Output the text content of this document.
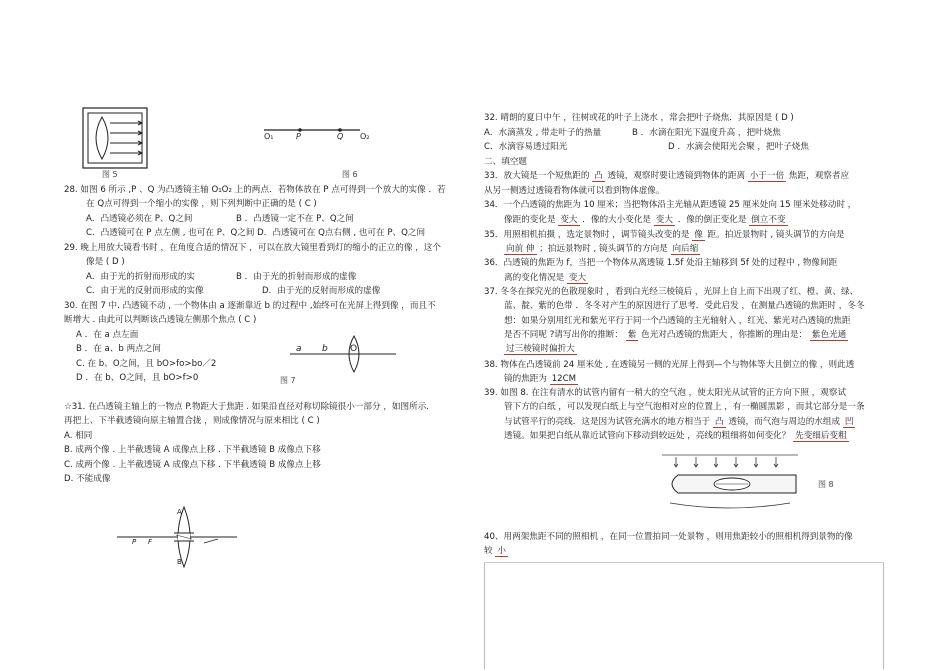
图 5
O₁	P	Q O₂
图 6
28. 如图 6 所示 ,P 、Q 为凸透镜主轴 O₁O₂ 上的两点．若物体放在 P 点可得到一个放大的实像 ．若
在 Q点可得到一个缩小的实像 ，则下列判断中正确的是 ( C )
A．凸透镜必须在 P、Q之间	B ．凸透镜一定不在 P、Q之间
C．凸透镜可在 P 点左侧 , 也可在 P、Q之间 D．凸透镜可在 Q点右侧 , 也可在 P、Q之间
29. 晚上用放大镜看书时 ，在角度合适的情况下 ，可以在放大镜里看到灯的缩小的正立的像 ，这个
像是 ( D )
A．由于光的折射而形成的实	B ．由于光的折射而形成的虚像
C．由于光的反射而形成的实像	D．由于光的反射而形成的虚像
30. 在图 7 中. 凸透镜不动 , 一个物体由 a 逐渐靠近 b 的过程中 ,始终可在光屏上得到像 ，而且不
断增大 . 由此可以判断该凸透镜左侧那个焦点 ( C )
A ．在 a 点左面
B ．在 a、b 两点之间
C. 在 b、O之间，且 bO>fo>bo／2
D ．在 b、O之间，且 bO>f>0
a b O
图 7
☆31. 在凸透镜主轴上的一物点 P.物距大于焦距 . 如果沿直径对称切除镜很小一部分 ，如图所示．
再把上、下半截透镜向原主轴置合拢 ，则成像情况与原来相比 ( C )
A. 相同
B. 成两个像 . 上半截透镜 A 成像点上移 . 下半截透镜 B 成像点下移
C. 成两个像 . 上半截透镜 A 成像点下移 . 下半截透镜 B 成像点上移
D. 不能成像
A
B
P F
32. 晴朗的夏日中午 ，往树或花的叶子上浇水 ，常会把叶子烧焦．其原因是 ( D )
A．水滴蒸发 , 带走叶子的热量	B ．水滴在阳光下温度升高 ，把叶烧焦
C．水滴容易透过阳光	D ．水滴会使阳光会聚 ，把叶子烧焦
二、填空题
33．放大镜是一个短焦距的 凸 透镜，观察时要让透镜到物体的距离 小于一倍 焦距，观察者应
从另一侧透过透镜看物体就可以看到物体虚像。
34．一个凸透镜的焦距为 10 厘米；当把物体沿主光轴从距透镜 25 厘米处向 15 厘米处移动时 ，
像距的变化是 变大 ．像的大小变化是 变大 ．像的倒正变化是 倒立不变
35．用照相机拍摄 ，选定景物时 ，调节镜头改变的是 像 距。拍近景物时 , 镜头调节的方向是
向前 伸 ；拍远景物时 , 镜头调节的方向是 向后缩
36．凸透镜的焦距为 f，当把一个物体从离透镜 1.5f 处沿主轴移到 5f 处的过程中 , 物像间距
离的变化情况是 变大
37. 冬冬在探究光的色散现象时 ，看到白光经三棱镜后 ，光屏上自上而下出现了红、橙、黄、绿、
蓝、靛、紫的色带 ．冬冬对产生的原因进行了思考．受此启发 ，在测量凸透镜的焦距时 ，冬冬
想：如果分别用红光和紫光平行于同一个凸透镜的主光轴射入 ，红光、紫光对凸透镜的焦距
是否不同呢 ?请写出你的推断： 紫 色光对凸透镜的焦距大 ，你推断的理由是： 紫色光通
过三棱镜时偏折大
38. 物体在凸透镜前 24 厘米处 , 在透镜另一侧的光屏上得到—个与物体等大且倒立的像 ，则此透
镜的焦距为 12CM
39. 如图 8. 在注有清水的试管内留有一稍大的空气泡 ，使太阳光从试管的正方向下照 ，观察试
管下方的白纸 ，可以发现白纸上与空气泡相对应的位置上 ，有一椭圆黑影 ，而其它部分是一条
与试管平行的亮线．这是因为试管充满水的地方相当于 凸 透镜，而气泡与周边的水组成 凹
透镜。如果把白纸从靠近试管向下移动到较远处 ，亮线的粗细将如何变化？ 先变细后变粗
图 8
40、用两架焦距不同的照相机 ，在同一位置拍同一处景物 ，则用焦距较小的照相机得到景物的像
较 小
